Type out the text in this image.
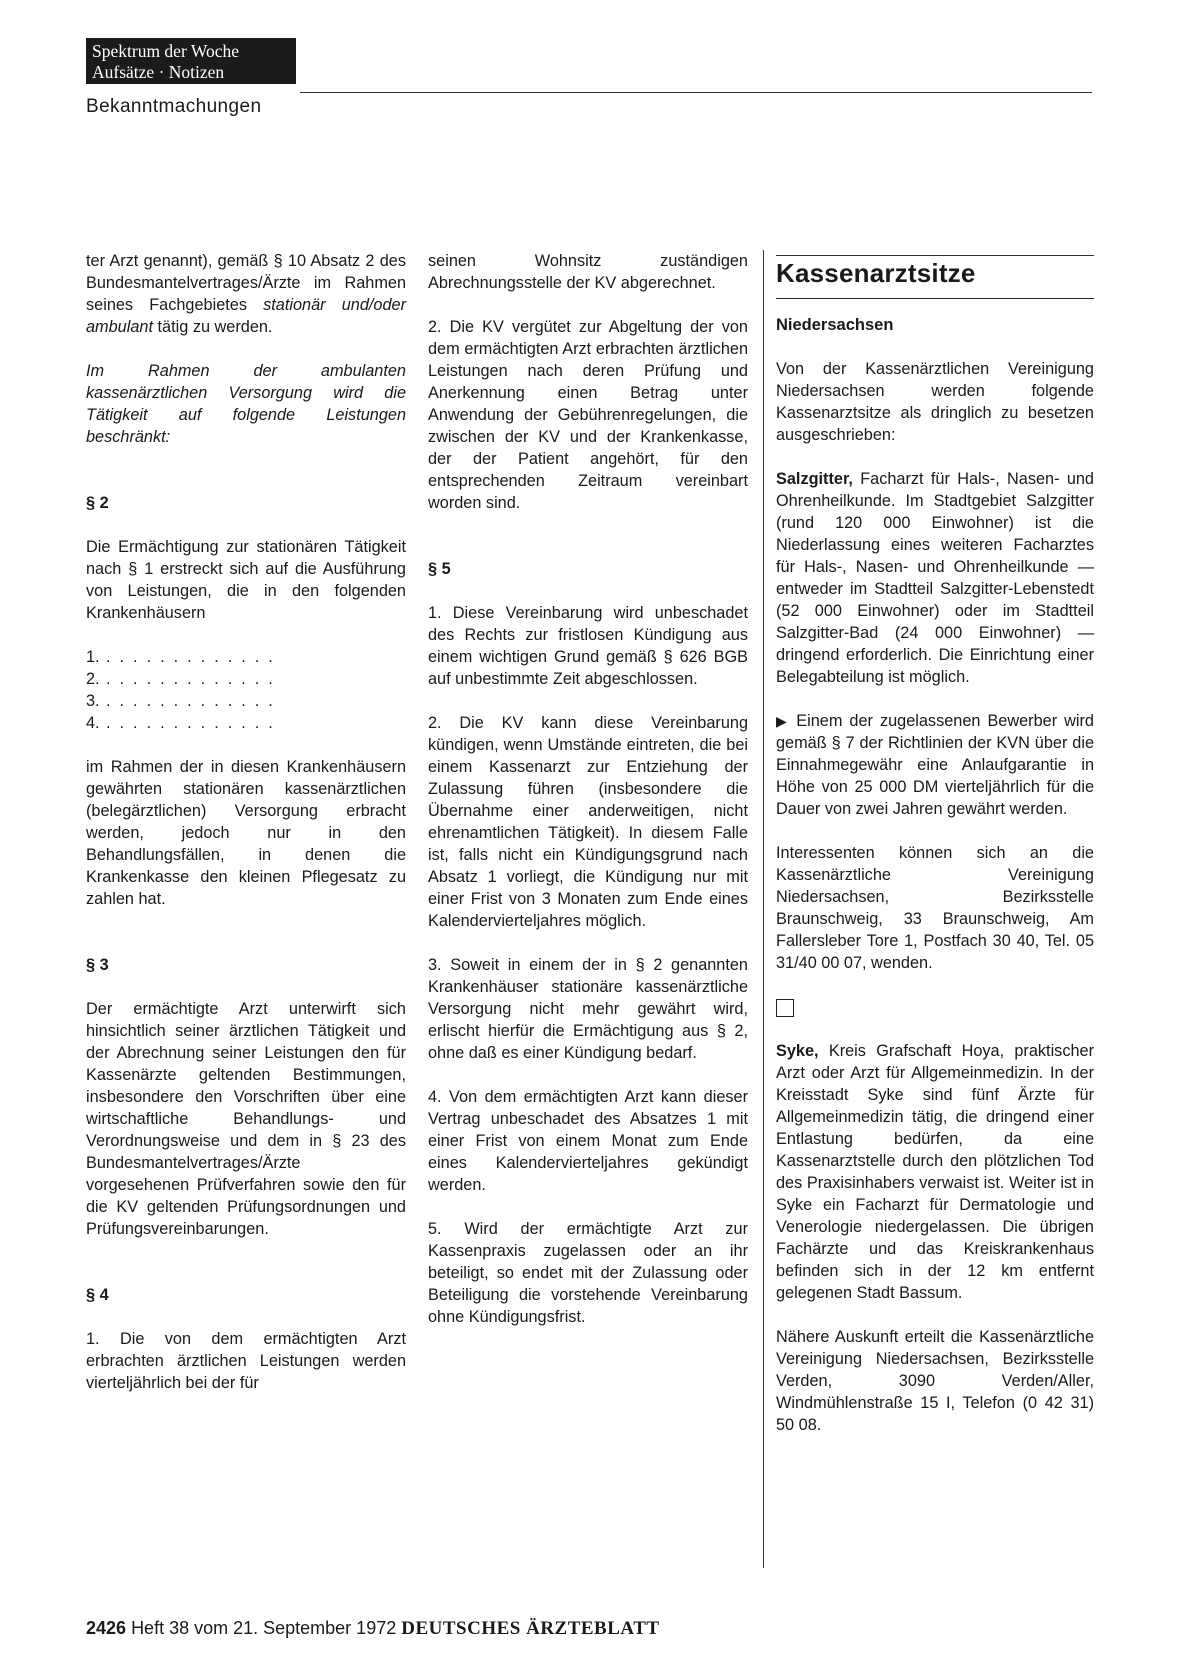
Spektrum der Woche
Aufsätze · Notizen
Bekanntmachungen

ter Arzt genannt), gemäß § 10 Absatz 2 des Bundesmantelvertrages/Ärzte im Rahmen seines Fachgebietes stationär und/oder ambulant tätig zu werden.

Im Rahmen der ambulanten kassenärztlichen Versorgung wird die Tätigkeit auf folgende Leistungen beschränkt:

§ 2

Die Ermächtigung zur stationären Tätigkeit nach § 1 erstreckt sich auf die Ausführung von Leistungen, die in den folgenden Krankenhäusern

1. .............
2. .............
3. .............
4. .............

im Rahmen der in diesen Krankenhäusern gewährten stationären kassenärztlichen (belegärztlichen) Versorgung erbracht werden, jedoch nur in den Behandlungsfällen, in denen die Krankenkasse den kleinen Pflegesatz zu zahlen hat.

§ 3

Der ermächtigte Arzt unterwirft sich hinsichtlich seiner ärztlichen Tätigkeit und der Abrechnung seiner Leistungen den für Kassenärzte geltenden Bestimmungen, insbesondere den Vorschriften über eine wirtschaftliche Behandlungs- und Verordnungsweise und dem in § 23 des Bundesmantelvertrages/Ärzte vorgesehenen Prüfverfahren sowie den für die KV geltenden Prüfungsordnungen und Prüfungsvereinbarungen.

§ 4

1. Die von dem ermächtigten Arzt erbrachten ärztlichen Leistungen werden vierteljährlich bei der für

seinen Wohnsitz zuständigen Abrechnungsstelle der KV abgerechnet.

2. Die KV vergütet zur Abgeltung der von dem ermächtigten Arzt erbrachten ärztlichen Leistungen nach deren Prüfung und Anerkennung einen Betrag unter Anwendung der Gebührenregelungen, die zwischen der KV und der Krankenkasse, der der Patient angehört, für den entsprechenden Zeitraum vereinbart worden sind.

§ 5

1. Diese Vereinbarung wird unbeschadet des Rechts zur fristlosen Kündigung aus einem wichtigen Grund gemäß § 626 BGB auf unbestimmte Zeit abgeschlossen.

2. Die KV kann diese Vereinbarung kündigen, wenn Umstände eintreten, die bei einem Kassenarzt zur Entziehung der Zulassung führen (insbesondere die Übernahme einer anderweitigen, nicht ehrenamtlichen Tätigkeit). In diesem Falle ist, falls nicht ein Kündigungsgrund nach Absatz 1 vorliegt, die Kündigung nur mit einer Frist von 3 Monaten zum Ende eines Kalendervierteljahres möglich.

3. Soweit in einem der in § 2 genannten Krankenhäuser stationäre kassenärztliche Versorgung nicht mehr gewährt wird, erlischt hierfür die Ermächtigung aus § 2, ohne daß es einer Kündigung bedarf.

4. Von dem ermächtigten Arzt kann dieser Vertrag unbeschadet des Absatzes 1 mit einer Frist von einem Monat zum Ende eines Kalendervierteljahres gekündigt werden.

5. Wird der ermächtigte Arzt zur Kassenpraxis zugelassen oder an ihr beteiligt, so endet mit der Zulassung oder Beteiligung die vorstehende Vereinbarung ohne Kündigungsfrist.

Kassenarztsitze

Niedersachsen

Von der Kassenärztlichen Vereinigung Niedersachsen werden folgende Kassenarztsitze als dringlich zu besetzen ausgeschrieben:

Salzgitter, Facharzt für Hals-, Nasen- und Ohrenheilkunde. Im Stadtgebiet Salzgitter (rund 120 000 Einwohner) ist die Niederlassung eines weiteren Facharztes für Hals-, Nasen- und Ohrenheilkunde — entweder im Stadtteil Salzgitter-Lebenstedt (52 000 Einwohner) oder im Stadtteil Salzgitter-Bad (24 000 Einwohner) — dringend erforderlich. Die Einrichtung einer Belegabteilung ist möglich.

▶ Einem der zugelassenen Bewerber wird gemäß § 7 der Richtlinien der KVN über die Einnahmegewähr eine Anlaufgarantie in Höhe von 25 000 DM vierteljährlich für die Dauer von zwei Jahren gewährt werden.

Interessenten können sich an die Kassenärztliche Vereinigung Niedersachsen, Bezirksstelle Braunschweig, 33 Braunschweig, Am Fallersleber Tore 1, Postfach 30 40, Tel. 05 31/40 00 07, wenden.

Syke, Kreis Grafschaft Hoya, praktischer Arzt oder Arzt für Allgemeinmedizin. In der Kreisstadt Syke sind fünf Ärzte für Allgemeinmedizin tätig, die dringend einer Entlastung bedürfen, da eine Kassenarztstelle durch den plötzlichen Tod des Praxisinhabers verwaist ist. Weiter ist in Syke ein Facharzt für Dermatologie und Venerologie niedergelassen. Die übrigen Fachärzte und das Kreiskrankenhaus befinden sich in der 12 km entfernt gelegenen Stadt Bassum.

Nähere Auskunft erteilt die Kassenärztliche Vereinigung Niedersachsen, Bezirksstelle Verden, 3090 Verden/Aller, Windmühlenstraße 15 I, Telefon (0 42 31) 50 08.

2426 Heft 38 vom 21. September 1972 DEUTSCHES ÄRZTEBLATT
